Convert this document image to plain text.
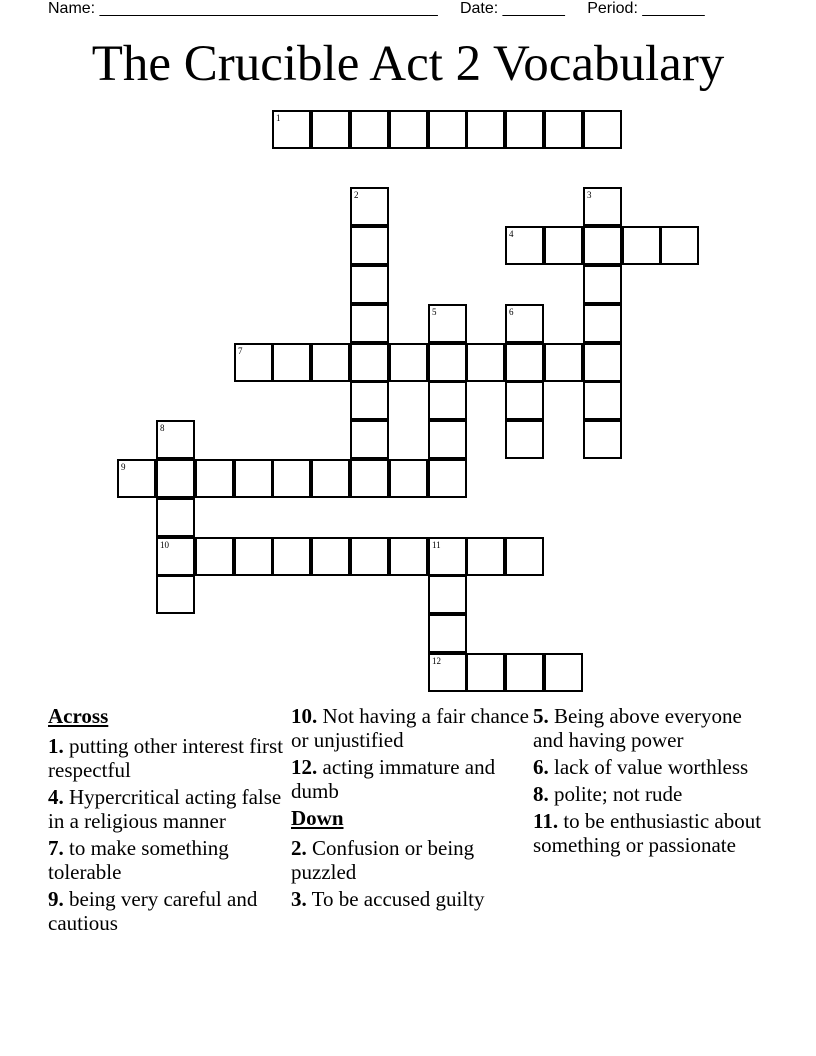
Name: ______________________________________ Date: _______ Period: _______
The Crucible Act 2 Vocabulary
1
2	3
4
5	6
7
8
9
10	11
12
Across
1. putting other interest first respectful
4. Hypercritical acting false in a religious manner
7. to make something tolerable
9. being very careful and cautious
10. Not having a fair chance or unjustified
12. acting immature and dumb
Down
2. Confusion or being puzzled
3. To be accused guilty
5. Being above everyone and having power
6. lack of value worthless
8. polite; not rude
11. to be enthusiastic about something or passionate
